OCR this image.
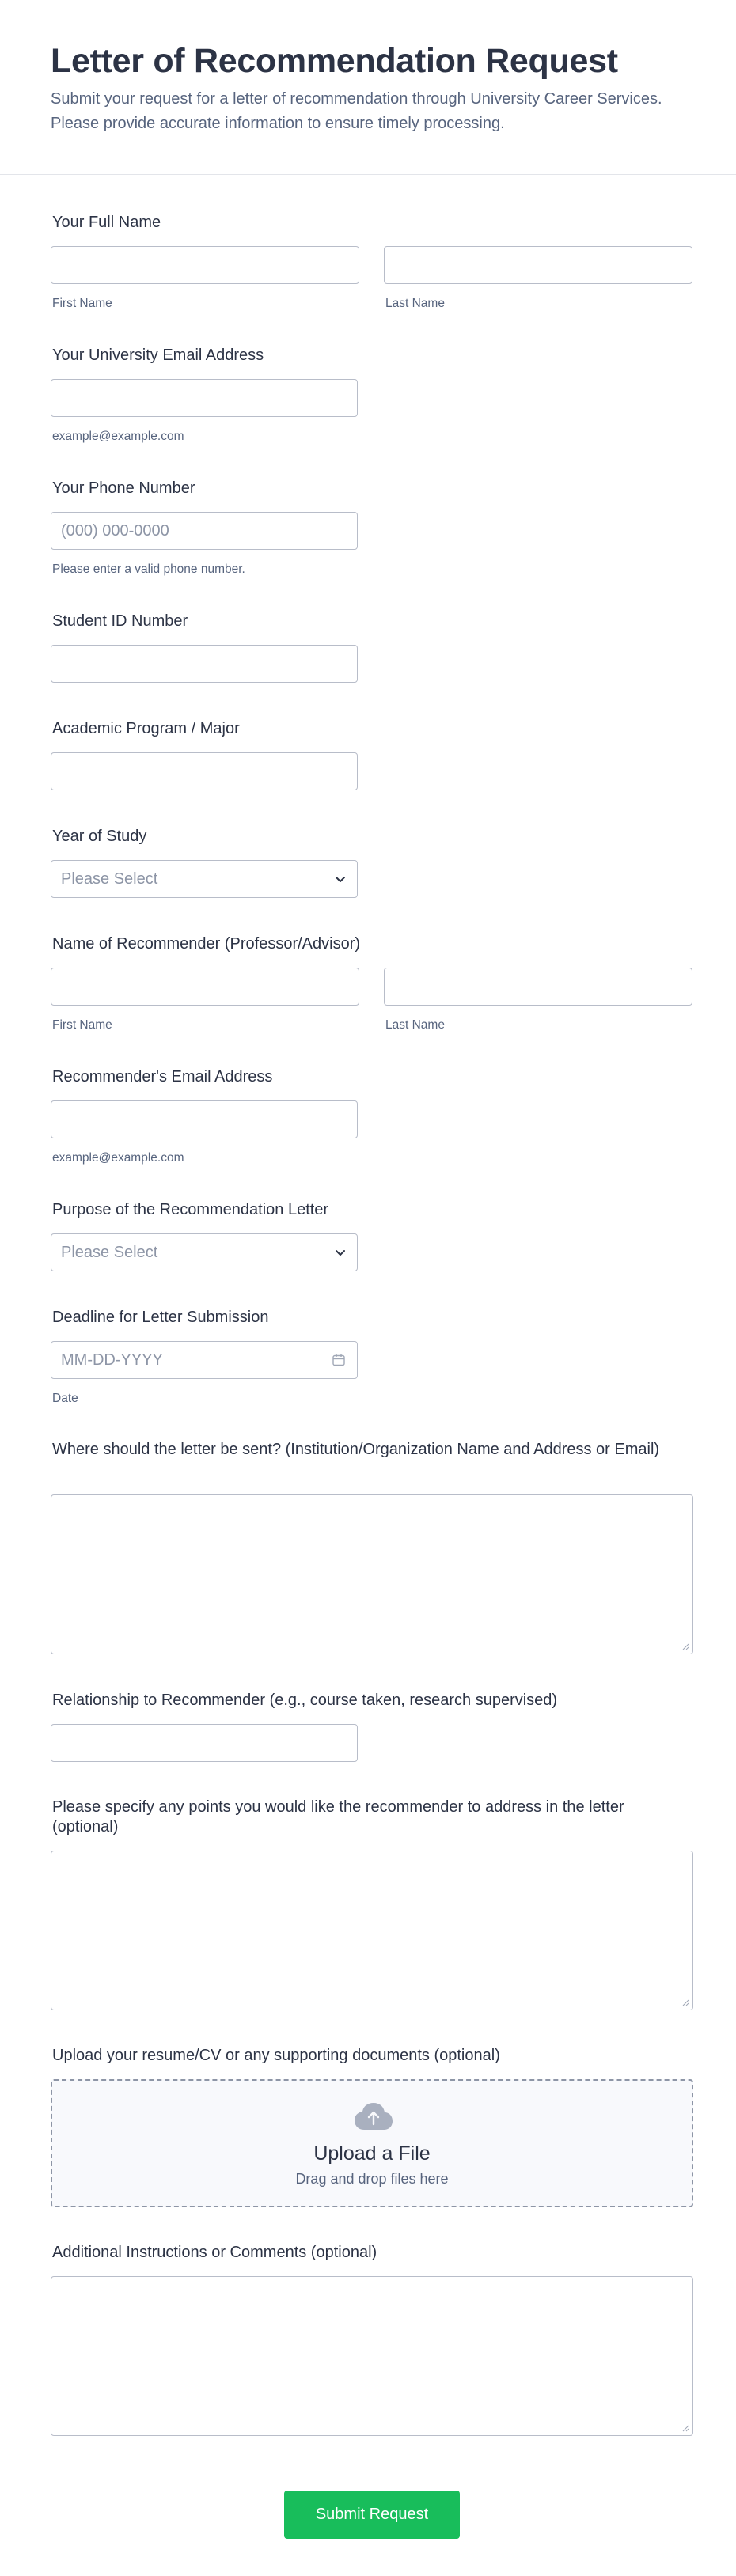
Letter of Recommendation Request

Submit your request for a letter of recommendation through University Career Services. Please provide accurate information to ensure timely processing.

Your Full Name
First Name	Last Name
Your University Email Address
example@example.com
Your Phone Number
(000) 000-0000
Please enter a valid phone number.
Student ID Number
Academic Program / Major
Year of Study
Please Select
Name of Recommender (Professor/Advisor)
First Name	Last Name
Recommender's Email Address
example@example.com
Purpose of the Recommendation Letter
Please Select
Deadline for Letter Submission
MM-DD-YYYY
Date
Where should the letter be sent? (Institution/Organization Name and Address or Email)
Relationship to Recommender (e.g., course taken, research supervised)
Please specify any points you would like the recommender to address in the letter (optional)
Upload your resume/CV or any supporting documents (optional)
Upload a File
Drag and drop files here
Additional Instructions or Comments (optional)
Submit Request
